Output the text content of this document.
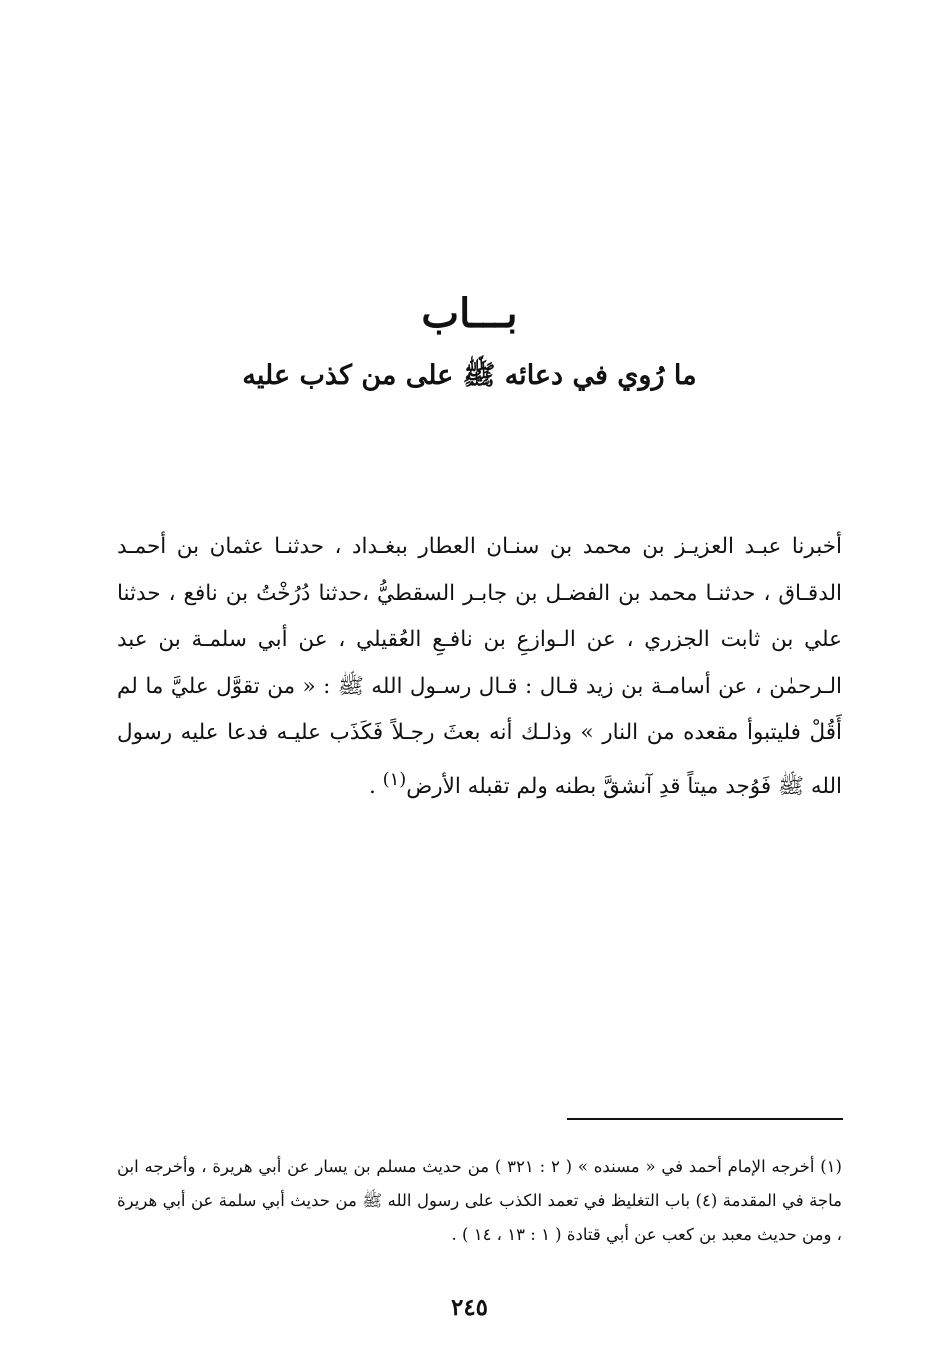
بـــاب
ما رُوي في دعائه ﷺ على من كذب عليه
أخبرنا عبـد العزيـز بن محمد بن سنـان العطار ببغـداد ، حدثنـا عثمان بن أحمـد الدقـاق ، حدثنـا محمد بن الفضـل بن جابـر السقطيُّ ،حدثنا دُرُخْتُ بن نافع ، حدثنا علي بن ثابت الجزري ، عن الـوازعِ بن نافـعِ العُقيلي ، عن أبي سلمـة بن عبد الـرحمٰن ، عن أسامـة بن زيد قـال : قـال رسـول الله ﷺ : « من تقوَّل عليَّ ما لم أَقُلْ فليتبوأ مقعده من النار » وذلـك أنه بعثَ رجـلاً فَكَذَب عليـه فدعا عليه رسول الله ﷺ فَوُجد ميتاً قدِ آنشقَّ بطنه ولم تقبله الأرض$^{(١)}$ .
(١) أخرجه الإمام أحمد في « مسنده » ( ٢ : ٣٢١ ) من حديث مسلم بن يسار عن أبي هريرة ، وأخرجه ابن ماجة في المقدمة (٤) باب التغليظ في تعمد الكذب على رسول الله ﷺ من حديث أبي سلمة عن أبي هريرة ، ومن حديث معبد بن كعب عن أبي قتادة ( ١ : ١٣ ، ١٤ ) .
٢٤٥
